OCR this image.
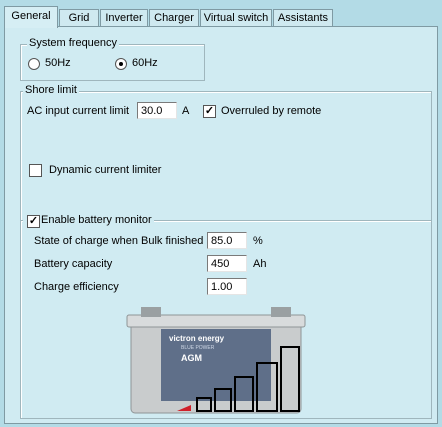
General	Grid	Inverter	Charger Virtual switch Assistants
System frequency
50Hz	60Hz
Shore limit
AC input current limit	30.0	A ✓ Overruled by remote
Dynamic current limiter
Enable battery monitor
✓
State of charge when Bulk finished 85.0	%
Battery capacity	450	Ah
Charge efficiency	1.00
victron energy
BLUE POWER
AGM
